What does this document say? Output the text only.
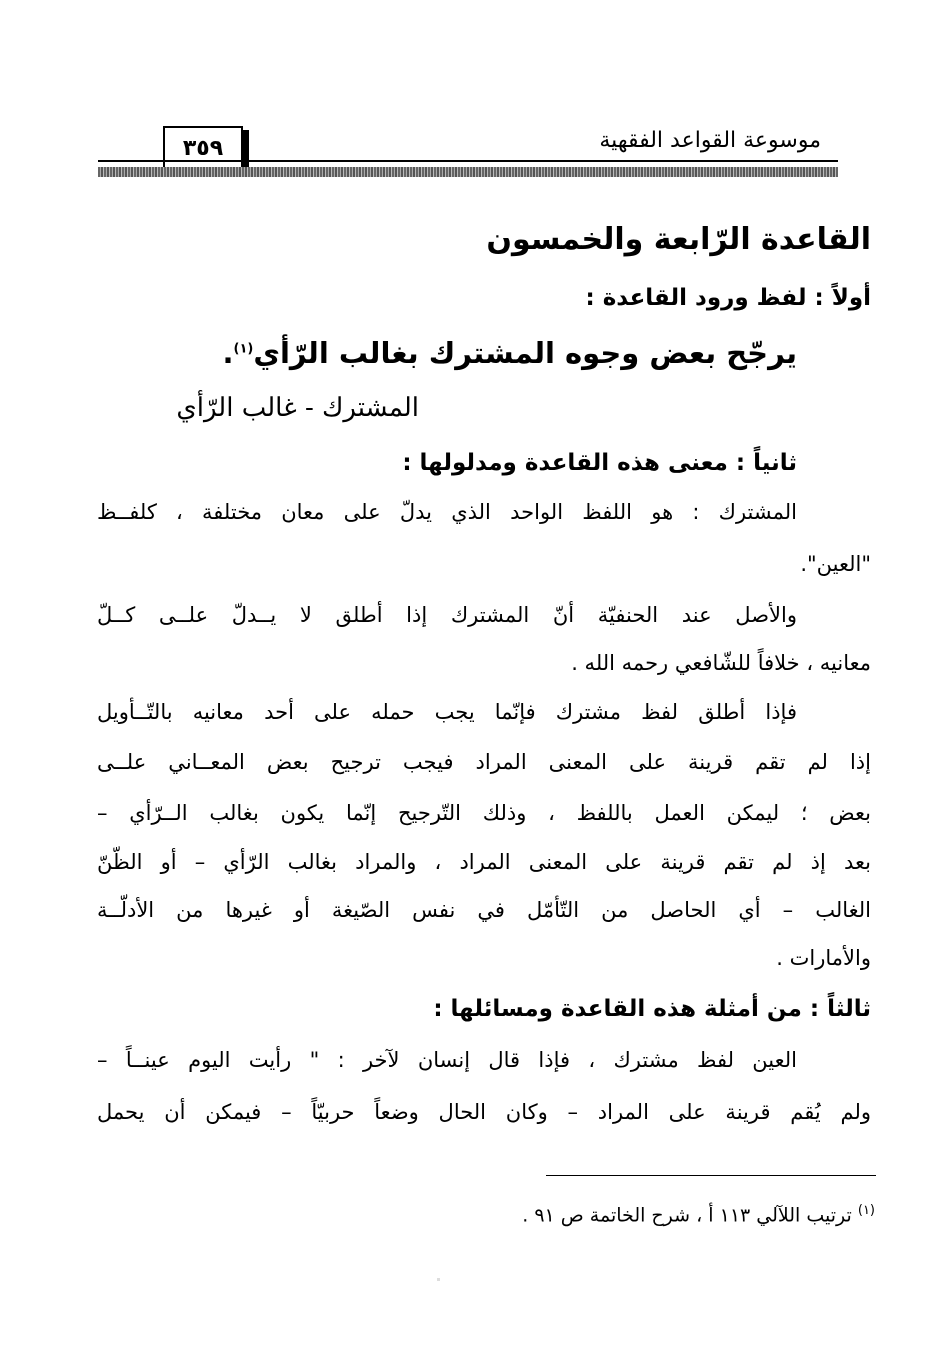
موسوعة القواعد الفقهية
٣٥٩
القاعدة الرّابعة والخمسون
أولاً : لفظ ورود القاعدة :
يرجّح بعض وجوه المشترك بغالب الرّأي$^{(١)}$.
المشترك - غالب الرّأي
ثانياً : معنى هذه القاعدة ومدلولها :
المشترك : هو اللفظ الواحد الذي يدلّ على معان مختلفة ، كلفــظ
"العين".
والأصل عند الحنفيّة أنّ المشترك إذا أطلق لا يــدلّ علــى كــلّ
معانيه ، خلافاً للشّافعي رحمه الله .
فإذا أطلق لفظ مشترك فإنّما يجب حمله على أحد معانيه بالتّــأويل
إذا لم تقم قرينة على المعنى المراد فيجب ترجيح بعض المعــاني علــى
بعض ؛ ليمكن العمل باللفظ ، وذلك التّرجيح إنّما يكون بغالب الــرّأي –
بعد إذ لم تقم قرينة على المعنى المراد ، والمراد بغالب الرّأي – أو الظّنّ
الغالب – أي الحاصل من التّأمّل في نفس الصّيغة أو غيرها من الأدلّــة
والأمارات .
ثالثاً : من أمثلة هذه القاعدة ومسائلها :
العين لفظ مشترك ، فإذا قال إنسان لآخر : " رأيت اليوم عينــاً –
ولم يُقم قرينة على المراد – وكان الحال وضعاً حربيّاً – فيمكن أن يحمل
$^{(١)}$ ترتيب اللآلي ١١٣ أ ، شرح الخاتمة ص ٩١ .
